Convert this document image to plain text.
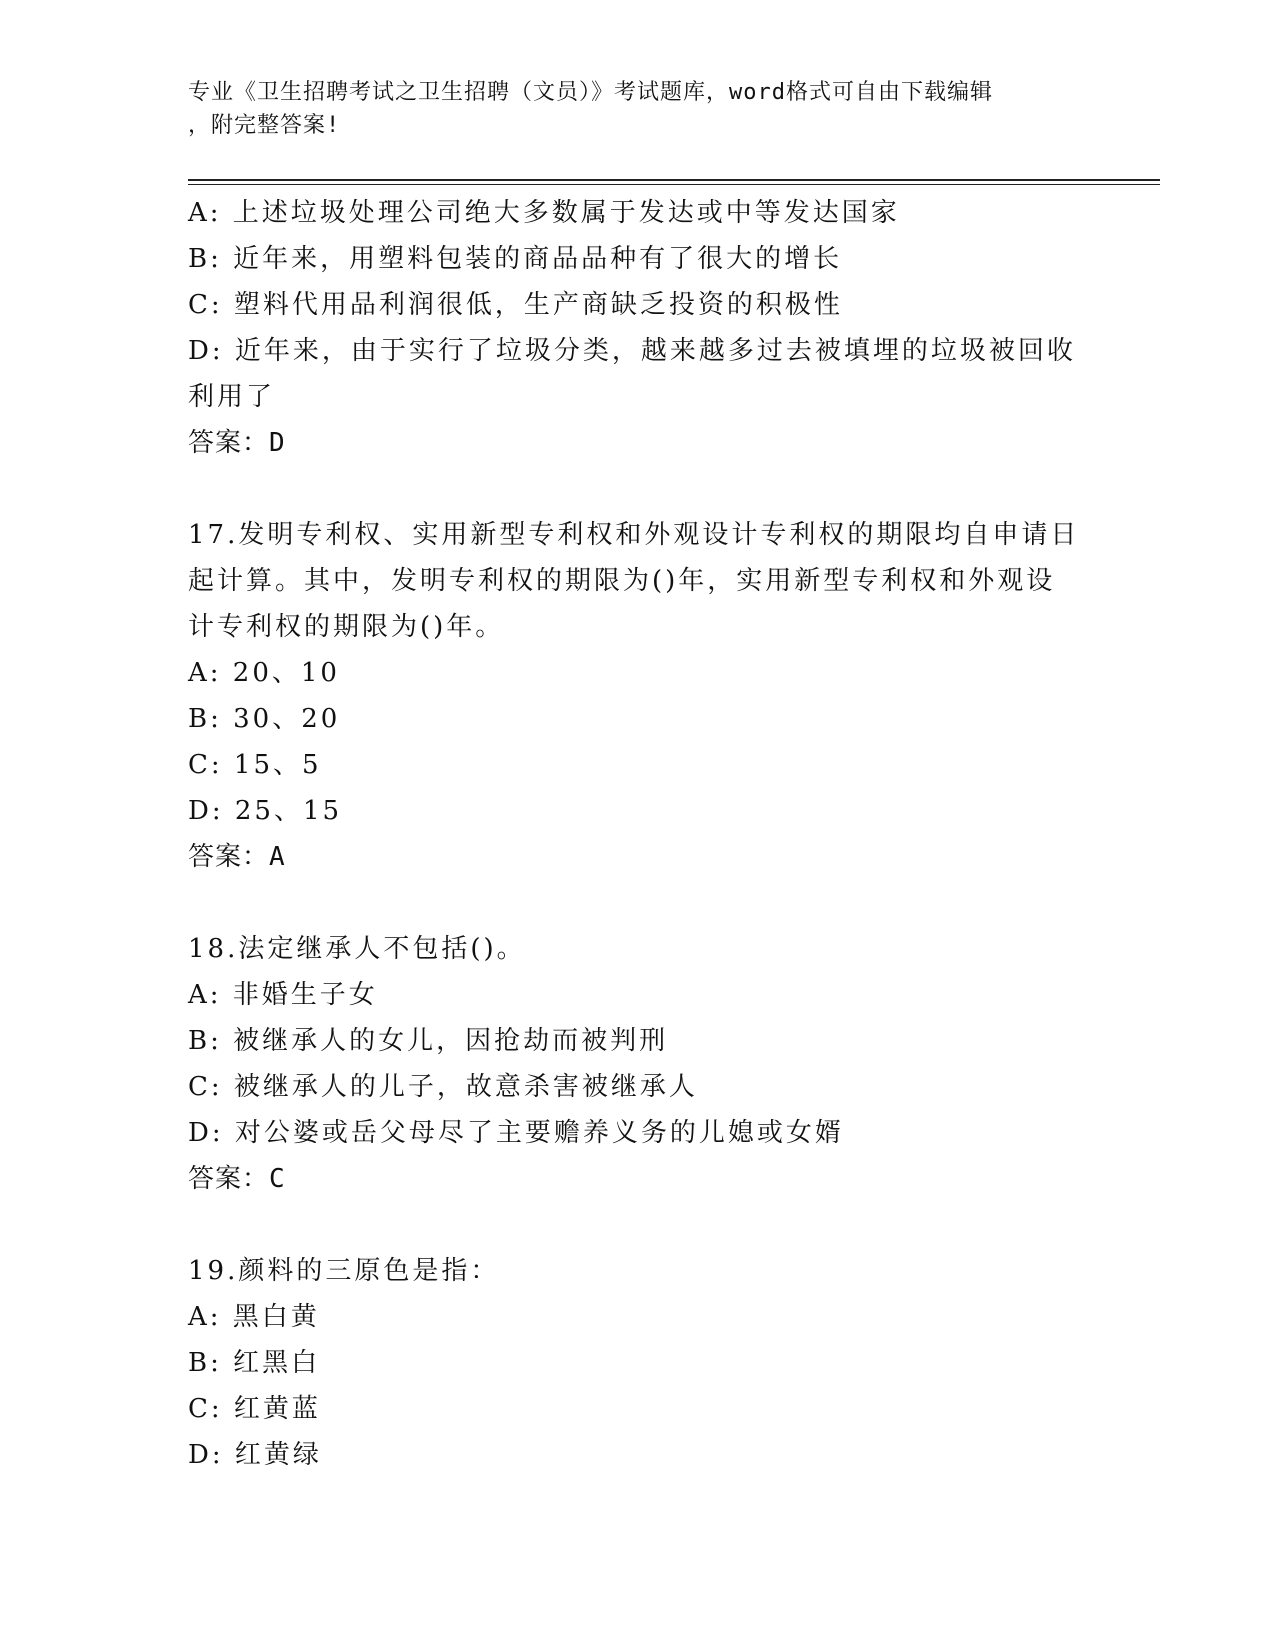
专业《卫生招聘考试之卫生招聘（文员）》考试题库，word格式可自由下载编辑
，附完整答案!
A: 上述垃圾处理公司绝大多数属于发达或中等发达国家
B: 近年来，用塑料包装的商品品种有了很大的增长
C: 塑料代用品利润很低，生产商缺乏投资的积极性
D: 近年来，由于实行了垃圾分类，越来越多过去被填埋的垃圾被回收
利用了
答案：D
17.发明专利权、实用新型专利权和外观设计专利权的期限均自申请日
起计算。其中，发明专利权的期限为()年，实用新型专利权和外观设
计专利权的期限为()年。
A: 20、10
B: 30、20
C: 15、5
D: 25、15
答案：A
18.法定继承人不包括()。
A: 非婚生子女
B: 被继承人的女儿，因抢劫而被判刑
C: 被继承人的儿子，故意杀害被继承人
D: 对公婆或岳父母尽了主要赡养义务的儿媳或女婿
答案：C
19.颜料的三原色是指：
A: 黑白黄
B: 红黑白
C: 红黄蓝
D: 红黄绿
